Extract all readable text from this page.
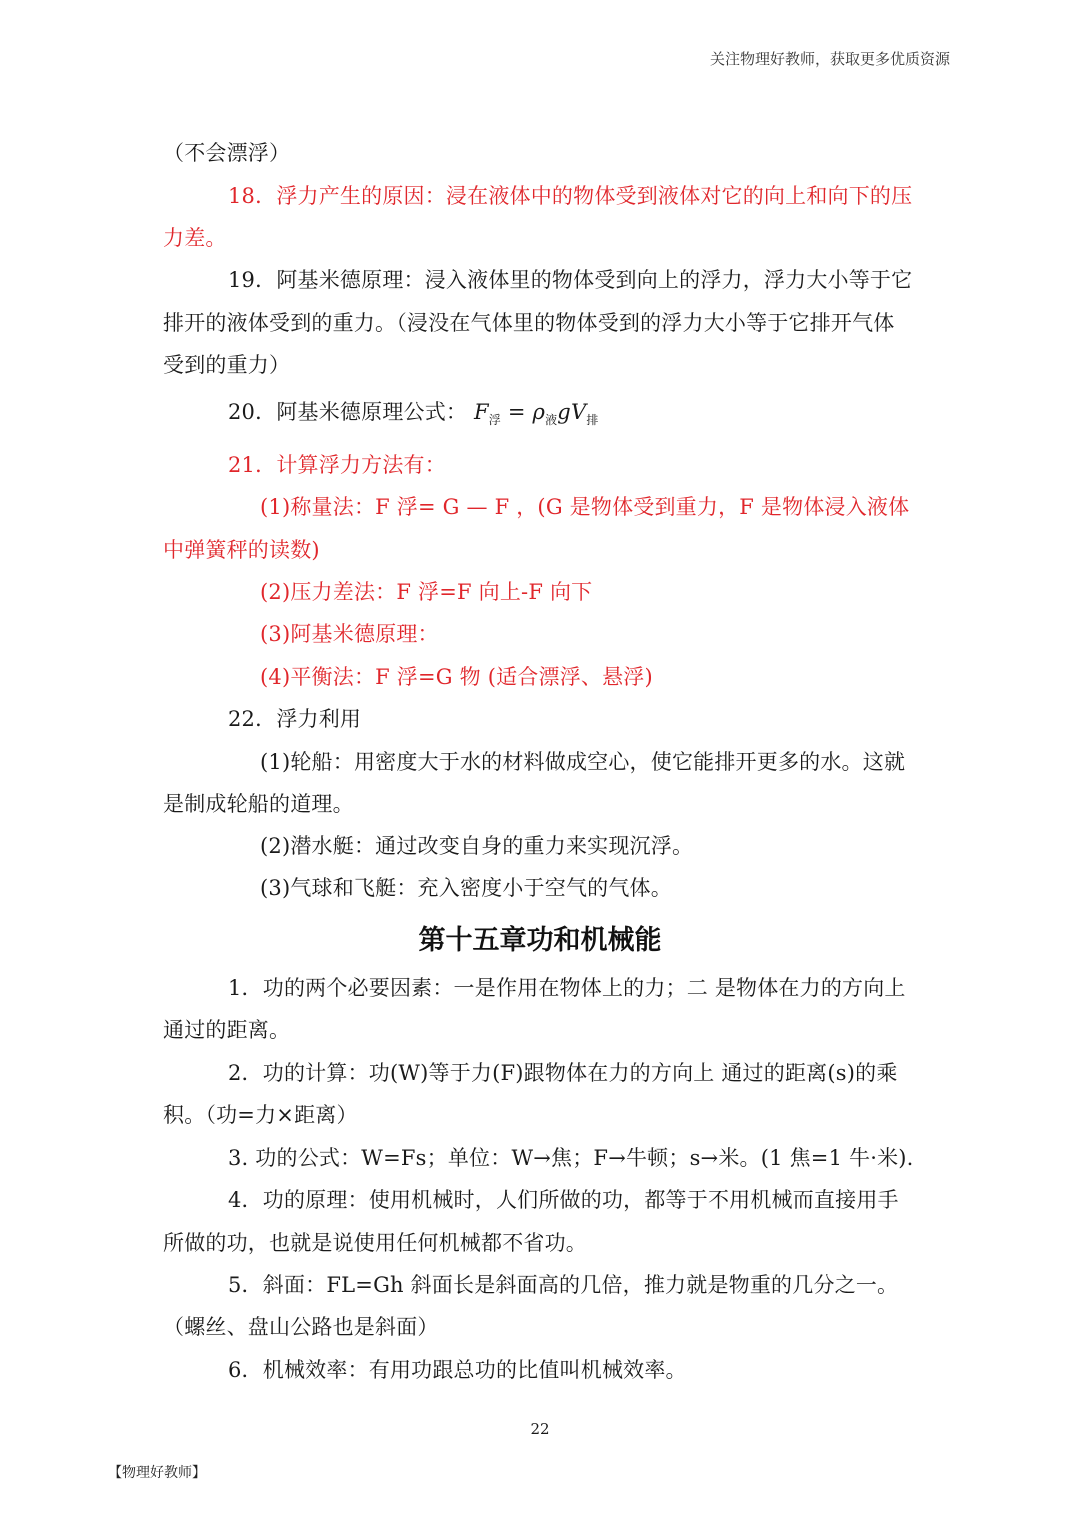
关注物理好教师，获取更多优质资源
（不会漂浮）
18．浮力产生的原因：浸在液体中的物体受到液体对它的向上和向下的压
力差。
19．阿基米德原理：浸入液体里的物体受到向上的浮力，浮力大小等于它
排开的液体受到的重力。（浸没在气体里的物体受到的浮力大小等于它排开气体
受到的重力）
20．阿基米德原理公式： $F_浮 = \rho_液gV_排$
21．计算浮力方法有：
(1)称量法：F 浮= G — F ，(G 是物体受到重力，F 是物体浸入液体
中弹簧秤的读数)
(2)压力差法：F 浮=F 向上-F 向下
(3)阿基米德原理：
(4)平衡法：F 浮=G 物 (适合漂浮、悬浮)
22．浮力利用
(1)轮船：用密度大于水的材料做成空心，使它能排开更多的水。这就
是制成轮船的道理。
(2)潜水艇：通过改变自身的重力来实现沉浮。
(3)气球和飞艇：充入密度小于空气的气体。
第十五章功和机械能
1．功的两个必要因素：一是作用在物体上的力；二 是物体在力的方向上
通过的距离。
2．功的计算：功(W)等于力(F)跟物体在力的方向上 通过的距离(s)的乘
积。（功=力×距离）
3. 功的公式：W=Fs；单位：W→焦；F→牛顿；s→米。(1 焦=1 牛·米).
4．功的原理：使用机械时，人们所做的功，都等于不用机械而直接用手
所做的功，也就是说使用任何机械都不省功。
5．斜面：FL=Gh 斜面长是斜面高的几倍，推力就是物重的几分之一。
（螺丝、盘山公路也是斜面）
6．机械效率：有用功跟总功的比值叫机械效率。
22
【物理好教师】
